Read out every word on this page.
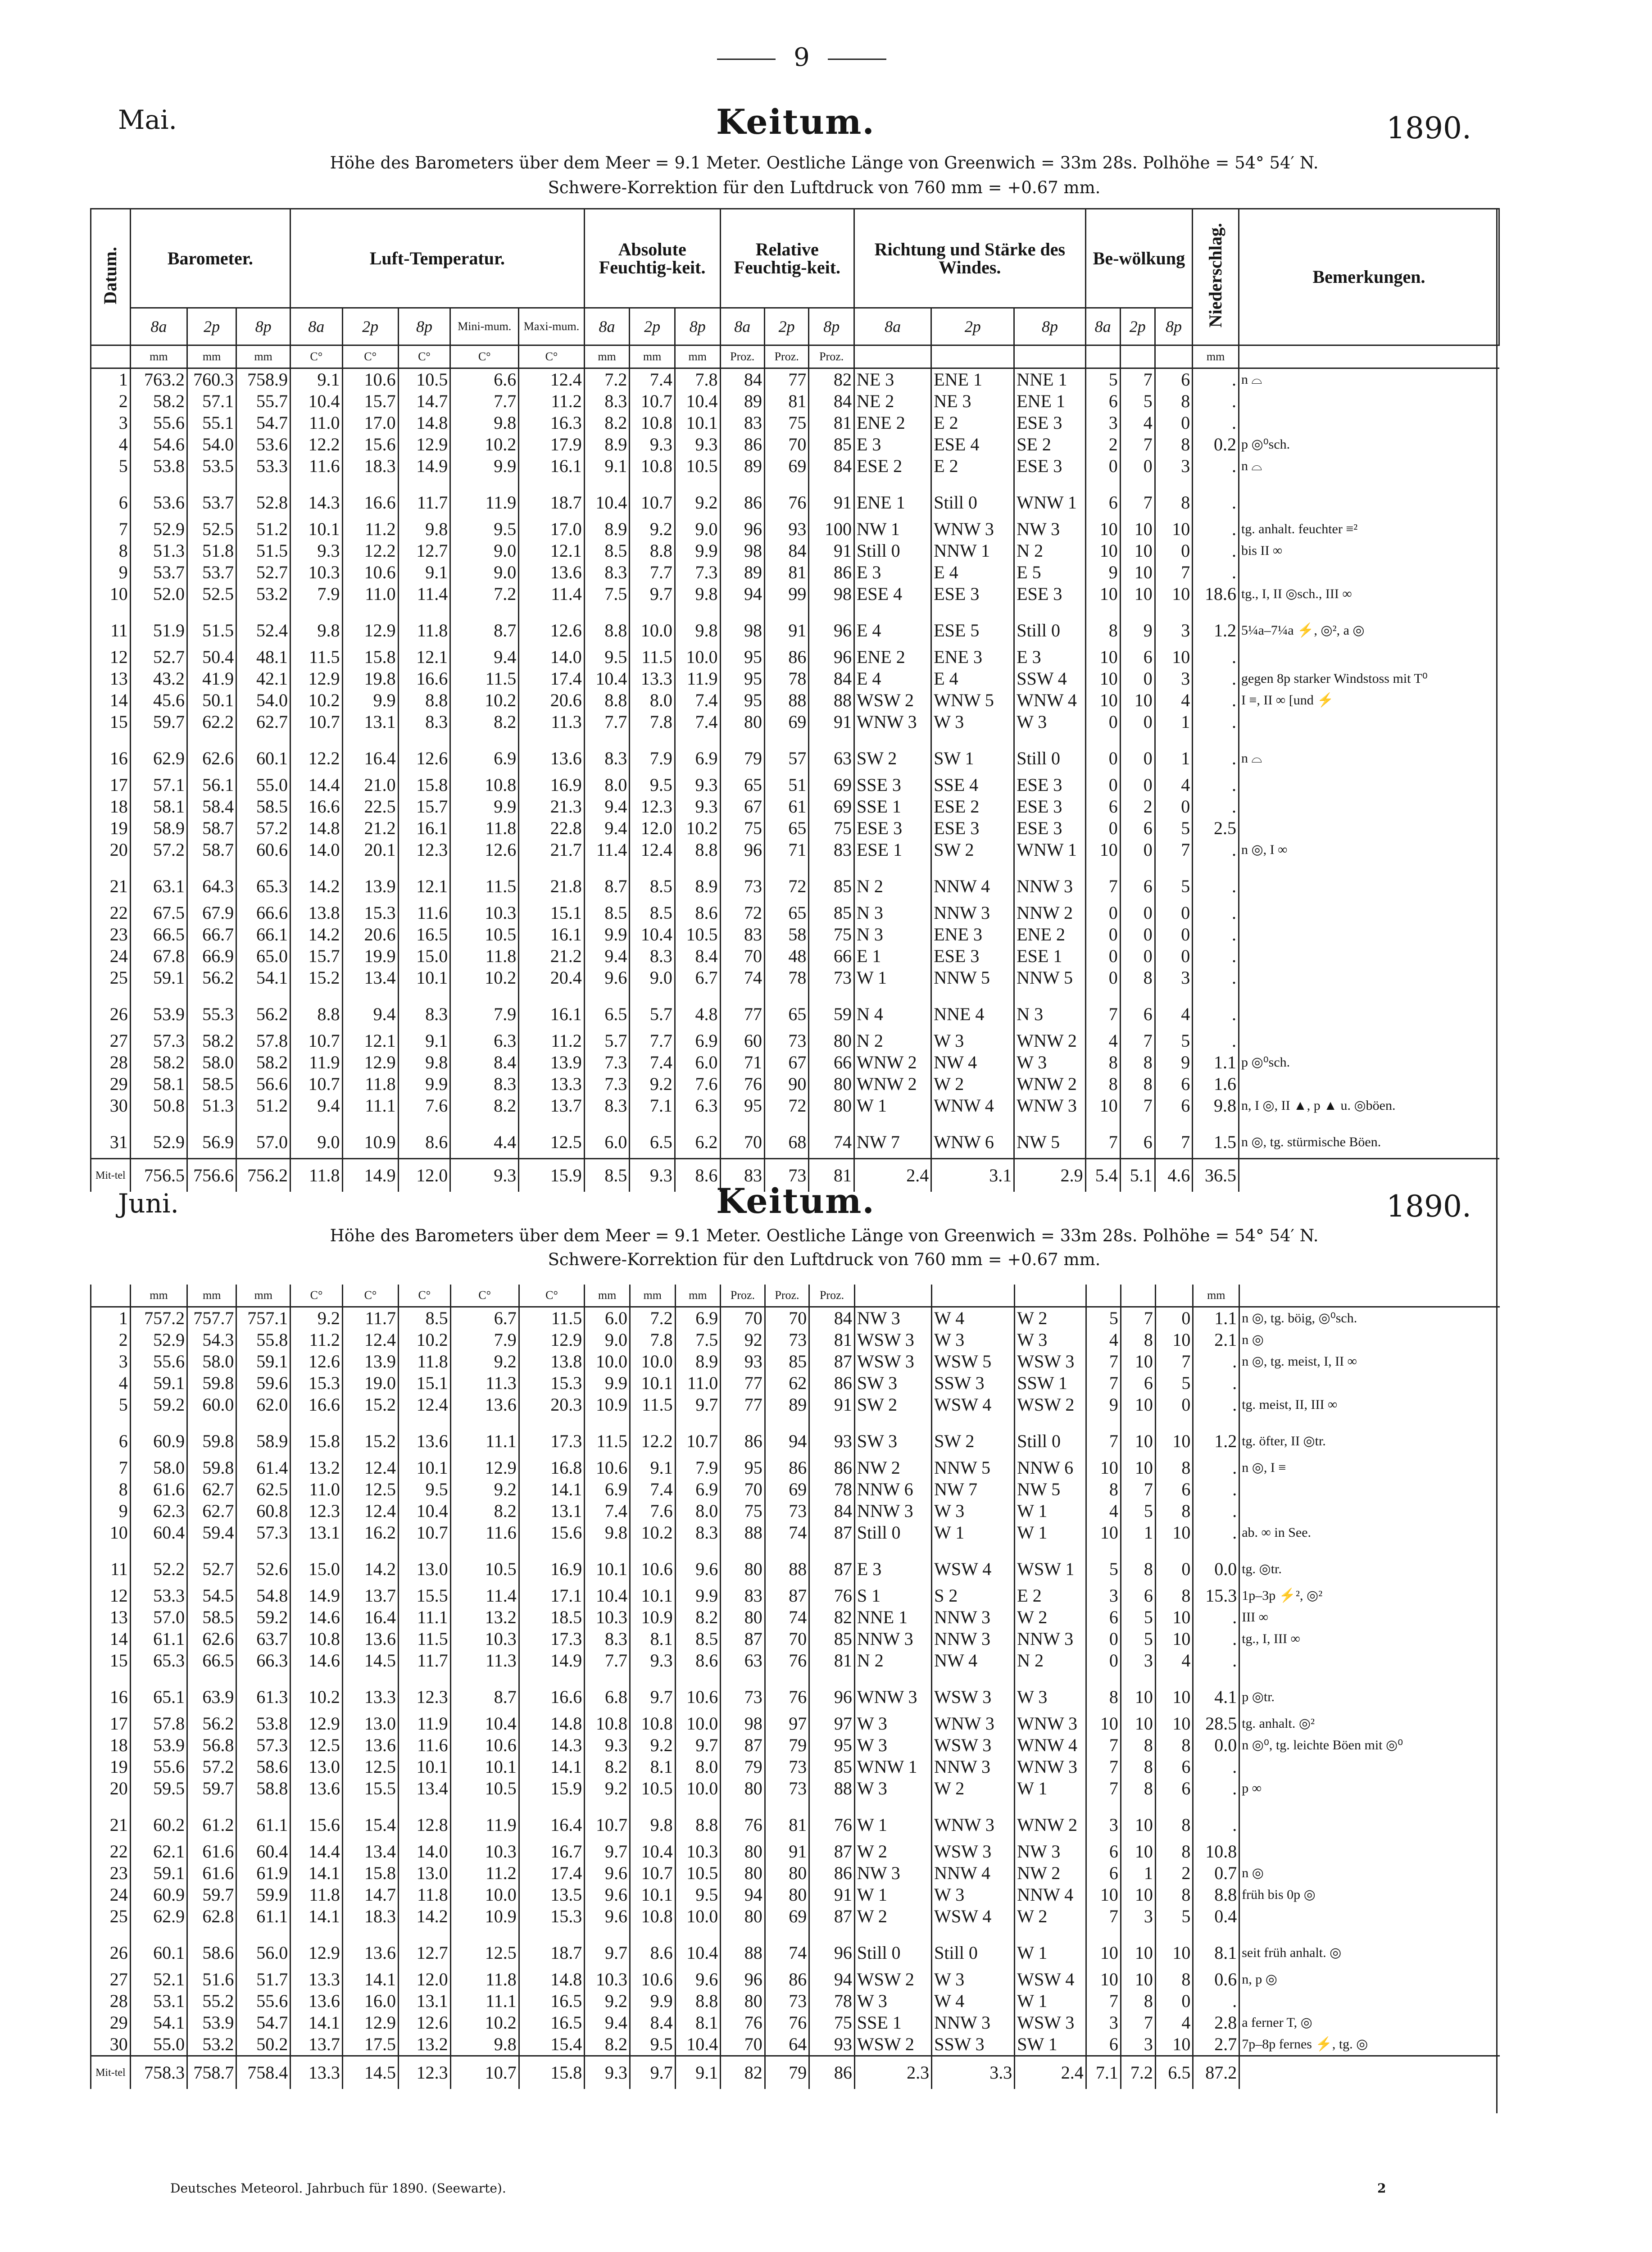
9
Mai.	Keitum.	1890.
Höhe des Barometers über dem Meer = 9.1 Meter. Oestliche Länge von Greenwich = 33m 28s. Polhöhe = 54° 54′ N.
Schwere-Korrektion für den Luftdruck von 760 mm = +0.67 mm.
Datum.	Barometer.			Luft-Temperatur.					Absolute Feuchtig-keit.			Relative Feuchtig-keit.			Richtung und Stärke des Windes.			Be-wölkung			Niederschlag.	Bemerkungen.
	8a	2p	8p	8a	2p	8p	Mini-mum.	Maxi-mum.	8a	2p	8p	8a	2p	8p	8a	2p	8p	8a	2p	8p		
	mm	mm	mm	C°	C°	C°	C°	C°	mm	mm	mm	Proz.	Proz.	Proz.							mm	
1	763.2	760.3	758.9	9.1	10.6	10.5	6.6	12.4	7.2	7.4	7.8	84	77	82	NE 3	ENE 1	NNE 1	5	7	6	.	n ⌓
2	58.2	57.1	55.7	10.4	15.7	14.7	7.7	11.2	8.3	10.7	10.4	89	81	84	NE 2	NE 3	ENE 1	6	5	8	.	
3	55.6	55.1	54.7	11.0	17.0	14.8	9.8	16.3	8.2	10.8	10.1	83	75	81	ENE 2	E 2	ESE 3	3	4	0	.	
4	54.6	54.0	53.6	12.2	15.6	12.9	10.2	17.9	8.9	9.3	9.3	86	70	85	E 3	ESE 4	SE 2	2	7	8	0.2	p ◎⁰sch.
5	53.8	53.5	53.3	11.6	18.3	14.9	9.9	16.1	9.1	10.8	10.5	89	69	84	ESE 2	E 2	ESE 3	0	0	3	.	n ⌓
6	53.6	53.7	52.8	14.3	16.6	11.7	11.9	18.7	10.4	10.7	9.2	86	76	91	ENE 1	Still 0	WNW 1	6	7	8	.	
7	52.9	52.5	51.2	10.1	11.2	9.8	9.5	17.0	8.9	9.2	9.0	96	93	100	NW 1	WNW 3	NW 3	10	10	10	.	tg. anhalt. feuchter ≡²
8	51.3	51.8	51.5	9.3	12.2	12.7	9.0	12.1	8.5	8.8	9.9	98	84	91	Still 0	NNW 1	N 2	10	10	0	.	bis II ∞
9	53.7	53.7	52.7	10.3	10.6	9.1	9.0	13.6	8.3	7.7	7.3	89	81	86	E 3	E 4	E 5	9	10	7	.	
10	52.0	52.5	53.2	7.9	11.0	11.4	7.2	11.4	7.5	9.7	9.8	94	99	98	ESE 4	ESE 3	ESE 3	10	10	10	18.6	tg., I, II ◎sch., III ∞
11	51.9	51.5	52.4	9.8	12.9	11.8	8.7	12.6	8.8	10.0	9.8	98	91	96	E 4	ESE 5	Still 0	8	9	3	1.2	5¼a–7¼a ⚡, ◎², a ◎
12	52.7	50.4	48.1	11.5	15.8	12.1	9.4	14.0	9.5	11.5	10.0	95	86	96	ENE 2	ENE 3	E 3	10	6	10	.	
13	43.2	41.9	42.1	12.9	19.8	16.6	11.5	17.4	10.4	13.3	11.9	95	78	84	E 4	E 4	SSW 4	10	0	3	.	gegen 8p starker Windstoss mit T⁰
14	45.6	50.1	54.0	10.2	9.9	8.8	10.2	20.6	8.8	8.0	7.4	95	88	88	WSW 2	WNW 5	WNW 4	10	10	4	.	I ≡, II ∞ [und ⚡
15	59.7	62.2	62.7	10.7	13.1	8.3	8.2	11.3	7.7	7.8	7.4	80	69	91	WNW 3	W 3	W 3	0	0	1	.	
16	62.9	62.6	60.1	12.2	16.4	12.6	6.9	13.6	8.3	7.9	6.9	79	57	63	SW 2	SW 1	Still 0	0	0	1	.	n ⌓
17	57.1	56.1	55.0	14.4	21.0	15.8	10.8	16.9	8.0	9.5	9.3	65	51	69	SSE 3	SSE 4	ESE 3	0	0	4	.	
18	58.1	58.4	58.5	16.6	22.5	15.7	9.9	21.3	9.4	12.3	9.3	67	61	69	SSE 1	ESE 2	ESE 3	6	2	0	.	
19	58.9	58.7	57.2	14.8	21.2	16.1	11.8	22.8	9.4	12.0	10.2	75	65	75	ESE 3	ESE 3	ESE 3	0	6	5	2.5	
20	57.2	58.7	60.6	14.0	20.1	12.3	12.6	21.7	11.4	12.4	8.8	96	71	83	ESE 1	SW 2	WNW 1	10	0	7	.	n ◎, I ∞
21	63.1	64.3	65.3	14.2	13.9	12.1	11.5	21.8	8.7	8.5	8.9	73	72	85	N 2	NNW 4	NNW 3	7	6	5	.	
22	67.5	67.9	66.6	13.8	15.3	11.6	10.3	15.1	8.5	8.5	8.6	72	65	85	N 3	NNW 3	NNW 2	0	0	0	.	
23	66.5	66.7	66.1	14.2	20.6	16.5	10.5	16.1	9.9	10.4	10.5	83	58	75	N 3	ENE 3	ENE 2	0	0	0	.	
24	67.8	66.9	65.0	15.7	19.9	15.0	11.8	21.2	9.4	8.3	8.4	70	48	66	E 1	ESE 3	ESE 1	0	0	0	.	
25	59.1	56.2	54.1	15.2	13.4	10.1	10.2	20.4	9.6	9.0	6.7	74	78	73	W 1	NNW 5	NNW 5	0	8	3	.	
26	53.9	55.3	56.2	8.8	9.4	8.3	7.9	16.1	6.5	5.7	4.8	77	65	59	N 4	NNE 4	N 3	7	6	4	.	
27	57.3	58.2	57.8	10.7	12.1	9.1	6.3	11.2	5.7	7.7	6.9	60	73	80	N 2	W 3	WNW 2	4	7	5	.	
28	58.2	58.0	58.2	11.9	12.9	9.8	8.4	13.9	7.3	7.4	6.0	71	67	66	WNW 2	NW 4	W 3	8	8	9	1.1	p ◎⁰sch.
29	58.1	58.5	56.6	10.7	11.8	9.9	8.3	13.3	7.3	9.2	7.6	76	90	80	WNW 2	W 2	WNW 2	8	8	6	1.6	
30	50.8	51.3	51.2	9.4	11.1	7.6	8.2	13.7	8.3	7.1	6.3	95	72	80	W 1	WNW 4	WNW 3	10	7	6	9.8	n, I ◎, II ▲, p ▲ u. ◎böen.
31	52.9	56.9	57.0	9.0	10.9	8.6	4.4	12.5	6.0	6.5	6.2	70	68	74	NW 7	WNW 6	NW 5	7	6	7	1.5	n ◎, tg. stürmische Böen.
Mit-tel	756.5	756.6	756.2	11.8	14.9	12.0	9.3	15.9	8.5	9.3	8.6	83	73	81	2.4	3.1	2.9	5.4	5.1	4.6	36.5	
Juni.	Keitum.	1890.
Höhe des Barometers über dem Meer = 9.1 Meter. Oestliche Länge von Greenwich = 33m 28s. Polhöhe = 54° 54′ N.
Schwere-Korrektion für den Luftdruck von 760 mm = +0.67 mm.
	mm	mm	mm	C°	C°	C°	C°	C°	mm	mm	mm	Proz.	Proz.	Proz.							mm	
1	757.2	757.7	757.1	9.2	11.7	8.5	6.7	11.5	6.0	7.2	6.9	70	70	84	NW 3	W 4	W 2	5	7	0	1.1	n ◎, tg. böig, ◎⁰sch.
2	52.9	54.3	55.8	11.2	12.4	10.2	7.9	12.9	9.0	7.8	7.5	92	73	81	WSW 3	W 3	W 3	4	8	10	2.1	n ◎
3	55.6	58.0	59.1	12.6	13.9	11.8	9.2	13.8	10.0	10.0	8.9	93	85	87	WSW 3	WSW 5	WSW 3	7	10	7	.	n ◎, tg. meist, I, II ∞
4	59.1	59.8	59.6	15.3	19.0	15.1	11.3	15.3	9.9	10.1	11.0	77	62	86	SW 3	SSW 3	SSW 1	7	6	5	.	
5	59.2	60.0	62.0	16.6	15.2	12.4	13.6	20.3	10.9	11.5	9.7	77	89	91	SW 2	WSW 4	WSW 2	9	10	0	.	tg. meist, II, III ∞
6	60.9	59.8	58.9	15.8	15.2	13.6	11.1	17.3	11.5	12.2	10.7	86	94	93	SW 3	SW 2	Still 0	7	10	10	1.2	tg. öfter, II ◎tr.
7	58.0	59.8	61.4	13.2	12.4	10.1	12.9	16.8	10.6	9.1	7.9	95	86	86	NW 2	NNW 5	NNW 6	10	10	8	.	n ◎, I ≡
8	61.6	62.7	62.5	11.0	12.5	9.5	9.2	14.1	6.9	7.4	6.9	70	69	78	NNW 6	NW 7	NW 5	8	7	6	.	
9	62.3	62.7	60.8	12.3	12.4	10.4	8.2	13.1	7.4	7.6	8.0	75	73	84	NNW 3	W 3	W 1	4	5	8	.	
10	60.4	59.4	57.3	13.1	16.2	10.7	11.6	15.6	9.8	10.2	8.3	88	74	87	Still 0	W 1	W 1	10	1	10	.	ab. ∞ in See.
11	52.2	52.7	52.6	15.0	14.2	13.0	10.5	16.9	10.1	10.6	9.6	80	88	87	E 3	WSW 4	WSW 1	5	8	0	0.0	tg. ◎tr.
12	53.3	54.5	54.8	14.9	13.7	15.5	11.4	17.1	10.4	10.1	9.9	83	87	76	S 1	S 2	E 2	3	6	8	15.3	1p–3p ⚡², ◎²
13	57.0	58.5	59.2	14.6	16.4	11.1	13.2	18.5	10.3	10.9	8.2	80	74	82	NNE 1	NNW 3	W 2	6	5	10	.	III ∞
14	61.1	62.6	63.7	10.8	13.6	11.5	10.3	17.3	8.3	8.1	8.5	87	70	85	NNW 3	NNW 3	NNW 3	0	5	10	.	tg., I, III ∞
15	65.3	66.5	66.3	14.6	14.5	11.7	11.3	14.9	7.7	9.3	8.6	63	76	81	N 2	NW 4	N 2	0	3	4	.	
16	65.1	63.9	61.3	10.2	13.3	12.3	8.7	16.6	6.8	9.7	10.6	73	76	96	WNW 3	WSW 3	W 3	8	10	10	4.1	p ◎tr.
17	57.8	56.2	53.8	12.9	13.0	11.9	10.4	14.8	10.8	10.8	10.0	98	97	97	W 3	WNW 3	WNW 3	10	10	10	28.5	tg. anhalt. ◎²
18	53.9	56.8	57.3	12.5	13.6	11.6	10.6	14.3	9.3	9.2	9.7	87	79	95	W 3	WSW 3	WNW 4	7	8	8	0.0	n ◎⁰, tg. leichte Böen mit ◎⁰
19	55.6	57.2	58.6	13.0	12.5	10.1	10.1	14.1	8.2	8.1	8.0	79	73	85	WNW 1	NNW 3	WNW 3	7	8	6	.	
20	59.5	59.7	58.8	13.6	15.5	13.4	10.5	15.9	9.2	10.5	10.0	80	73	88	W 3	W 2	W 1	7	8	6	.	p ∞
21	60.2	61.2	61.1	15.6	15.4	12.8	11.9	16.4	10.7	9.8	8.8	76	81	76	W 1	WNW 3	WNW 2	3	10	8	.	
22	62.1	61.6	60.4	14.4	13.4	14.0	10.3	16.7	9.7	10.4	10.3	80	91	87	W 2	WSW 3	NW 3	6	10	8	10.8	
23	59.1	61.6	61.9	14.1	15.8	13.0	11.2	17.4	9.6	10.7	10.5	80	80	86	NW 3	NNW 4	NW 2	6	1	2	0.7	n ◎
24	60.9	59.7	59.9	11.8	14.7	11.8	10.0	13.5	9.6	10.1	9.5	94	80	91	W 1	W 3	NNW 4	10	10	8	8.8	früh bis 0p ◎
25	62.9	62.8	61.1	14.1	18.3	14.2	10.9	15.3	9.6	10.8	10.0	80	69	87	W 2	WSW 4	W 2	7	3	5	0.4	
26	60.1	58.6	56.0	12.9	13.6	12.7	12.5	18.7	9.7	8.6	10.4	88	74	96	Still 0	Still 0	W 1	10	10	10	8.1	seit früh anhalt. ◎
27	52.1	51.6	51.7	13.3	14.1	12.0	11.8	14.8	10.3	10.6	9.6	96	86	94	WSW 2	W 3	WSW 4	10	10	8	0.6	n, p ◎
28	53.1	55.2	55.6	13.6	16.0	13.1	11.1	16.5	9.2	9.9	8.8	80	73	78	W 3	W 4	W 1	7	8	0	.	
29	54.1	53.9	54.7	14.1	12.9	12.6	10.2	16.5	9.4	8.4	8.1	76	76	75	SSE 1	NNW 3	WSW 3	3	7	4	2.8	a ferner T, ◎
30	55.0	53.2	50.2	13.7	17.5	13.2	9.8	15.4	8.2	9.5	10.4	70	64	93	WSW 2	SSW 3	SW 1	6	3	10	2.7	7p–8p fernes ⚡, tg. ◎
Mit-tel	758.3	758.7	758.4	13.3	14.5	12.3	10.7	15.8	9.3	9.7	9.1	82	79	86	2.3	3.3	2.4	7.1	7.2	6.5	87.2	
Deutsches Meteorol. Jahrbuch für 1890. (Seewarte).	2
